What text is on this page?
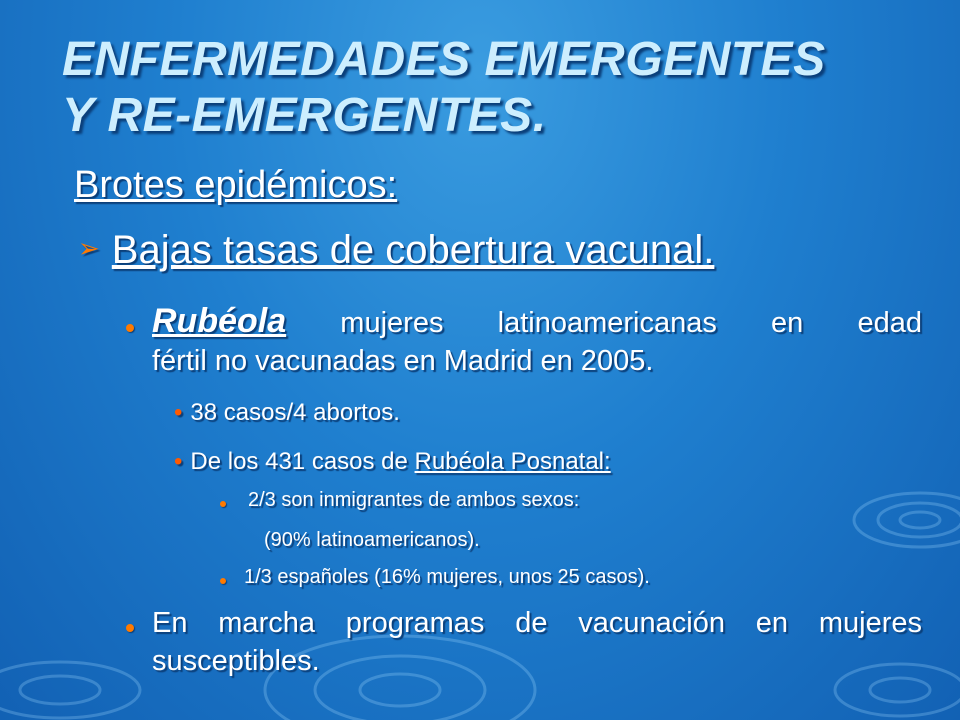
ENFERMEDADES EMERGENTES
Y RE-EMERGENTES.
Brotes epidémicos:
➢ Bajas tasas de cobertura vacunal.
Rubéola mujeres latinoamericanas en edad
fértil no vacunadas en Madrid en 2005.
• 38 casos/4 abortos.
• De los 431 casos de Rubéola Posnatal:
2/3 son inmigrantes de ambos sexos:
(90% latinoamericanos).
1/3 españoles (16% mujeres, unos 25 casos).
En marcha programas de vacunación en mujeres
susceptibles.
